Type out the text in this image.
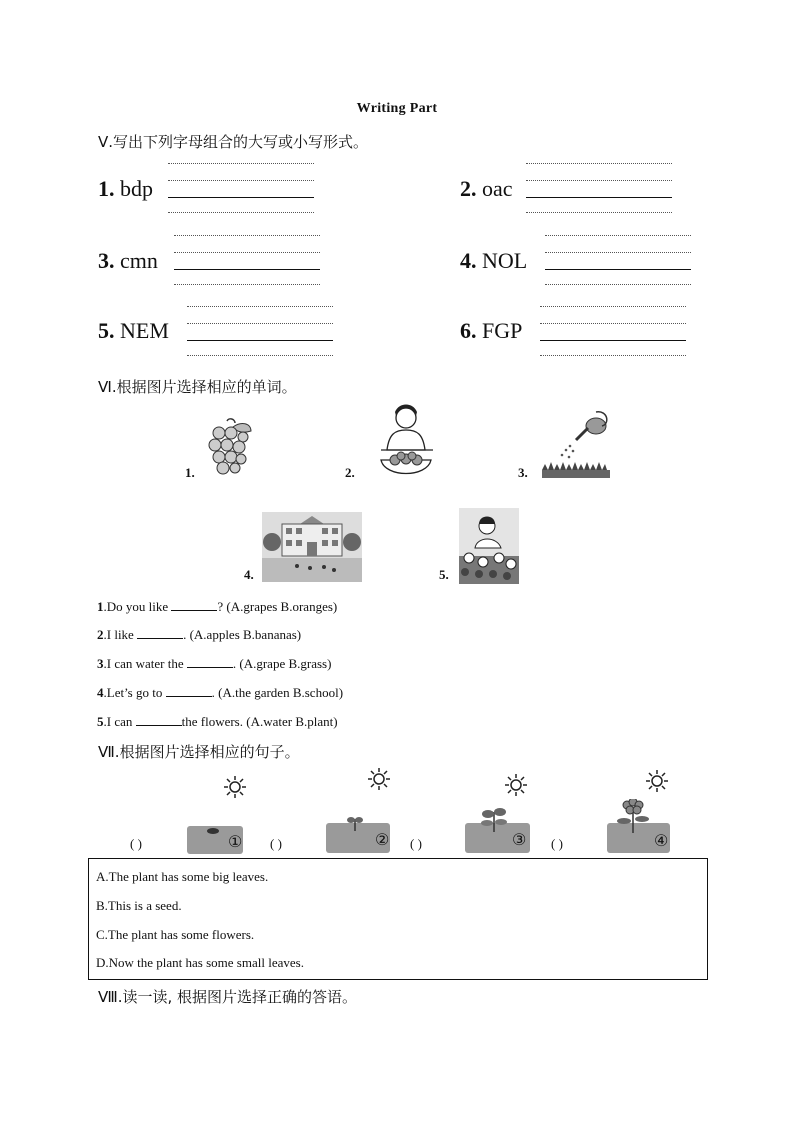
Writing Part
Ⅴ.写出下列字母组合的大写或小写形式。
1. bdp	2. oac
3. cmn	4. NOL
5. NEM	6. FGP
Ⅵ.根据图片选择相应的单词。
1.	2.	3.
4.	5.
1.Do you like	? (A.grapes B.oranges)
2.I like	. (A.apples B.bananas)
3.I can water the	. (A.grape B.grass)
4.Let’s go to	. (A.the garden B.school)
5.I can	the flowers. (A.water B.plant)
Ⅶ.根据图片选择相应的句子。
( )	① ( )	② ( )	③ ( )	④
A.The plant has some big leaves.
B.This is a seed.
C.The plant has some flowers.
D.Now the plant has some small leaves.
Ⅷ.读一读, 根据图片选择正确的答语。
